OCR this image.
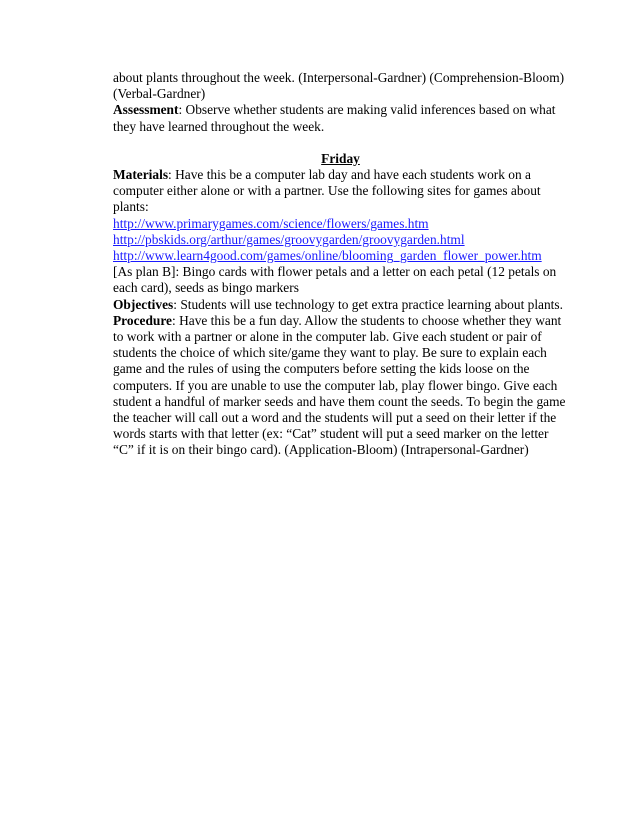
about plants throughout the week. (Interpersonal-Gardner) (Comprehension-Bloom) (Verbal-Gardner)

Assessment: Observe whether students are making valid inferences based on what they have learned throughout the week.

Friday

Materials: Have this be a computer lab day and have each students work on a computer either alone or with a partner. Use the following sites for games about plants:

http://www.primarygames.com/science/flowers/games.htm
http://pbskids.org/arthur/games/groovygarden/groovygarden.html
http://www.learn4good.com/games/online/blooming_garden_flower_power.htm

[As plan B]: Bingo cards with flower petals and a letter on each petal (12 petals on each card), seeds as bingo markers

Objectives: Students will use technology to get extra practice learning about plants.

Procedure: Have this be a fun day. Allow the students to choose whether they want to work with a partner or alone in the computer lab. Give each student or pair of students the choice of which site/game they want to play. Be sure to explain each game and the rules of using the computers before setting the kids loose on the computers. If you are unable to use the computer lab, play flower bingo. Give each student a handful of marker seeds and have them count the seeds. To begin the game the teacher will call out a word and the students will put a seed on their letter if the words starts with that letter (ex: “Cat” student will put a seed marker on the letter “C” if it is on their bingo card). (Application-Bloom) (Intrapersonal-Gardner)
